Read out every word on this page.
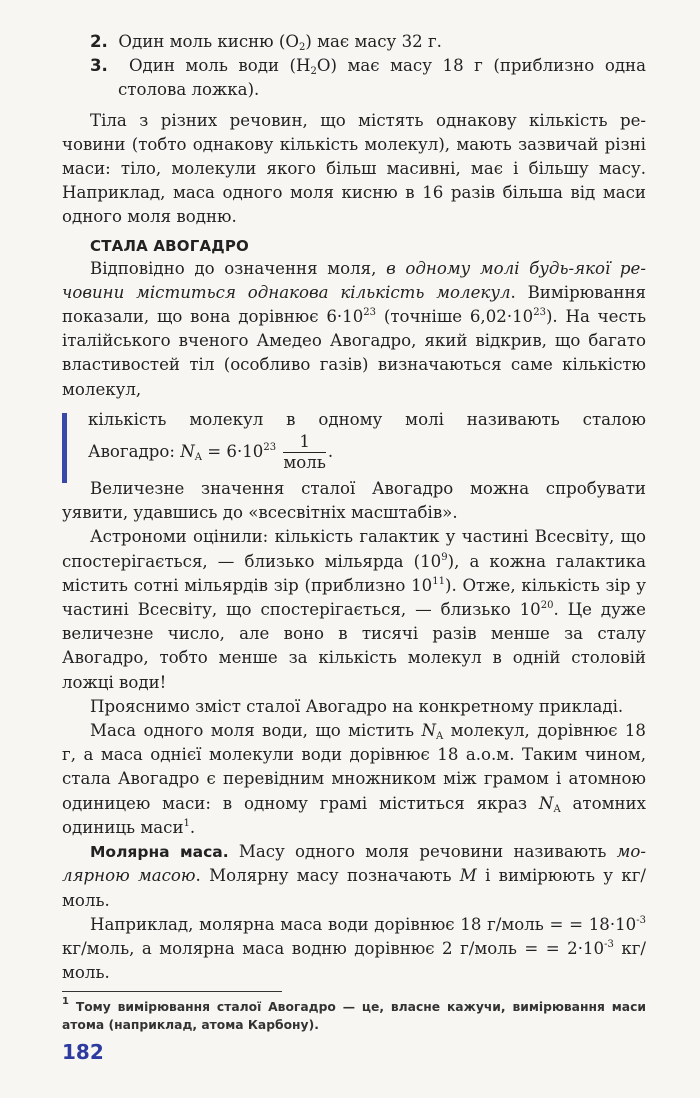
2. Один моль кисню $(O_2)$ має масу 32 г.

3. Один моль води $(H_2O)$ має масу 18 г (приблизно одна столова ложка).

Тіла з різних речовин, що містять однакову кількість речовини (тобто однакову кількість молекул), мають зазвичай різні маси: тіло, молекули якого більш масивні, має і більшу масу. Наприклад, маса одного моля кисню в 16 разів більша від маси одного моля водню.

СТАЛА АВОГАДРО

Відповідно до означення моля, в одному молі будь-якої речовини міститься однакова кількість молекул. Вимірювання показали, що вона дорівнює $6\cdot 10^{23}$ (точніше $6,02\cdot 10^{23}$). На честь італійського вченого Амедео Авогадро, який відкрив, що багато властивостей тіл (особливо газів) визначаються саме кількістю молекул,

кількість молекул в одному молі називають сталою

Авогадро: $N_A = 6\cdot 10^{23} \frac{1}{\text{моль}}$ .

Величезне значення сталої Авогадро можна спробувати уявити, удавшись до «всесвітніх масштабів».

Астрономи оцінили: кількість галактик у частині Всесвіту, що спостерігається, — близько мільярда $(10^9)$, а кожна галактика містить сотні мільярдів зір (приблизно $10^{11}$). Отже, кількість зір у частині Всесвіту, що спостерігається, — близько $10^{20}$. Це дуже величезне число, але воно в тисячі разів менше за сталу Авогадро, тобто менше за кількість молекул в одній столовій ложці води!

Прояснимо зміст сталої Авогадро на конкретному прикладі.

Маса одного моля води, що містить $N_A$ молекул, дорівнює 18 г, а маса однієї молекули води дорівнює 18 а.о.м. Таким чином, стала Авогадро є перевідним множником між грамом і атомною одиницею маси: в одному грамі міститься якраз $N_A$ атомних одиниць маси$^1$.

Молярна маса. Масу одного моля речовини називають молярною масою. Молярну масу позначають M і вимірюють у кг/моль.

Наприклад, молярна маса води дорівнює 18 г/моль = = $18\cdot 10^{-3}$ кг/моль, а молярна маса водню дорівнює 2 г/моль = = $2\cdot 10^{-3}$ кг/моль.

$^1$ Тому вимірювання сталої Авогадро — це, власне кажучи, вимірювання маси атома (наприклад, атома Карбону).

182
